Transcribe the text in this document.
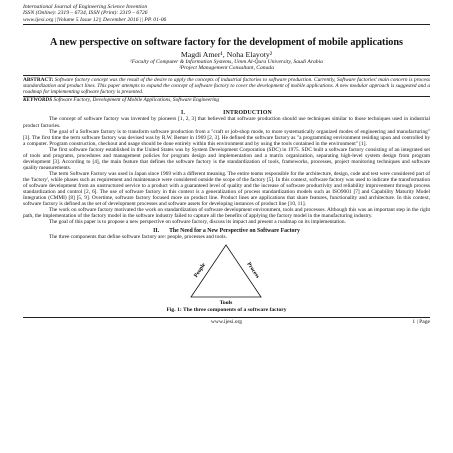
International Journal of Engineering Science Invention
ISSN (Online): 2319 – 6734, ISSN (Print): 2319 – 6726
www.ijesi.org ||Volume 5 Issue 12|| December 2016 || PP. 01-06
A new perspective on software factory for the development of mobile applications
Magdi Amer¹, Noha Elayoty²
¹Faculty of Computer & Information Systems, Umm Al-Qura University, Saudi Arabia
²Project Management Consultant, Canada
ABSTRACT: Software factory concept was the result of the desire to apply the concepts of industrial factories to software production. Currently, Software factories' main concern is process standardization and product lines. This paper attempts to expand the concept of software factory to cover the development of mobile applications. A new modular approach is suggested and a roadmap for implementing software factory is presented.
KEYWORDS Software Factory, Development of Mobile Applications, Software Engineering
I.	INTRODUCTION

The concept of software factory was invented by pioneers [1, 2, 3] that believed that software production should use techniques similar to those techniques used in industrial product factories.

The goal of a Software factory is to transform software production from a "craft or job-shop mode, to more systematically organized modes of engineering and manufacturing" [3]. The first time the term software factory was devised was by R.W. Bemer in 1969 [2, 3]. He defined the software factory as "a programming environment residing upon and controlled by a computer. Program construction, checkout and usage should be done entirely within this environment and by using the tools contained in the environment" [1].

The first software factory established in the United States was by System Development Corporation (SDC) in 1975. SDC built a software factory consisting of an integrated set of tools and programs, procedures and management policies for program design and implementation and a matrix organization, separating high-level system design from program development [3]. According to [4], the main feature that defines the software factory is the standardization of tools, frameworks, processes, project monitoring techniques and software quality measurements.

The term Software Factory was used in Japan since 1969 with a different meaning. The entire teams responsible for the architecture, design, code and test were considered part of the 'factory', while phases such as requirement and maintenance were considered outside the scope of the factory [5]. In this context, software factory was used to indicate the transformation of software development from an unstructured service to a product with a guaranteed level of quality and the increase of software productivity and reliability improvement through process standardization and control [2, 6]. The use of software factory in this context is a generalization of process standardization models such as ISO9001 [7] and Capability Maturity Model Integration (CMMI) [8] [5, 9]. Overtime, software factory focused more on product line. Product lines are applications that share features, functionality and architecture. In this context, software factory is defined as the set of development processes and software assets for developing instances of product line [10, 11].

The work on software factory motivated the work on standardization of software development environment, tools and processes. Although this was an important step in the right path, the implementation of the factory model in the software industry failed to capture all the benefits of applying the factory model in the manufacturing industry.

The goal of this paper is to propose a new perspective on software factory, discuss its impact and present a roadmap on its implementation.

II. The Need for a New Perspective on Software Factory

The three components that define software factory are: people, processes and tools.

People	Process
Tools
Fig. 1: The three components of a software factory
www.ijesi.org	1 | Page
